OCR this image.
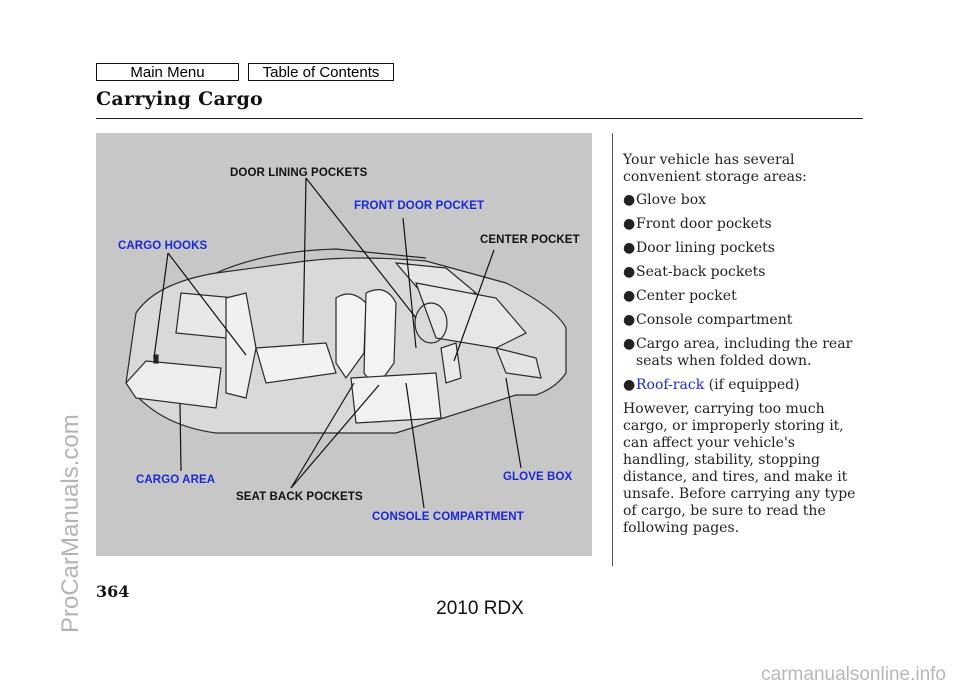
Main Menu	Table of Contents
Carrying Cargo
DOOR LINING POCKETS
FRONT DOOR POCKET
CARGO HOOKS	CENTER POCKET
CARGO AREA	GLOVE BOX
SEAT BACK POCKETS
CONSOLE COMPARTMENT

Your vehicle has several convenient storage areas:

● Glove box
● Front door pockets
● Door lining pockets
● Seat-back pockets
● Center pocket
● Console compartment
● Cargo area, including the rear seats when folded down.
● Roof-rack (if equipped)

However, carrying too much cargo, or improperly storing it, can affect your vehicle's handling, stability, stopping distance, and tires, and make it unsafe. Before carrying any type of cargo, be sure to read the following pages.

364
2010 RDX
ProCarManuals.com
carmanualsonline.info
